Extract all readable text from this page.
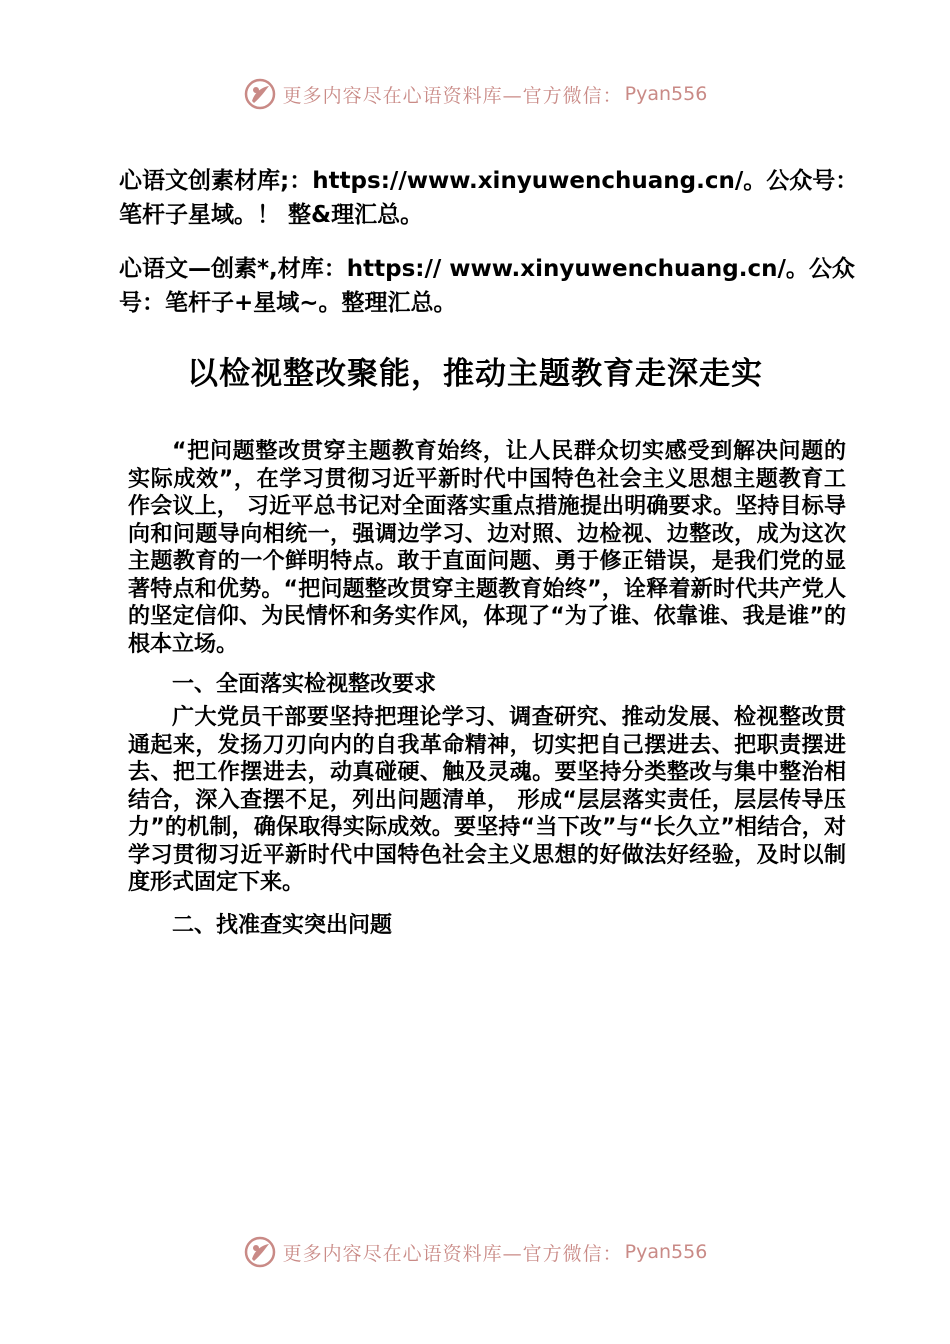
更多内容尽在心语资料库—官方微信： Pyan556
心语文创素材库;：https://www.xinyuwenchuang.cn/。公众号：笔杆子星域。！ 整&理汇总。
心语文—创素*,材库：https:// www.xinyuwenchuang.cn/。公众号：笔杆子+星域~。整理汇总。
以检视整改聚能，推动主题教育走深走实
“把问题整改贯穿主题教育始终，让人民群众切实感受到解决问题的实际成效”，在学习贯彻习近平新时代中国特色社会主义思想主题教育工作会议上， 习近平总书记对全面落实重点措施提出明确要求。坚持目标导向和问题导向相统一，强调边学习、边对照、边检视、边整改，成为这次主题教育的一个鲜明特点。敢于直面问题、勇于修正错误，是我们党的显著特点和优势。“把问题整改贯穿主题教育始终”，诠释着新时代共产党人的坚定信仰、为民情怀和务实作风，体现了“为了谁、依靠谁、我是谁”的根本立场。
一、全面落实检视整改要求
广大党员干部要坚持把理论学习、调查研究、推动发展、检视整改贯通起来，发扬刀刃向内的自我革命精神，切实把自己摆进去、把职责摆进去、把工作摆进去，动真碰硬、触及灵魂。要坚持分类整改与集中整治相结合，深入查摆不足，列出问题清单， 形成“层层落实责任，层层传导压力”的机制，确保取得实际成效。要坚持“当下改”与“长久立”相结合，对学习贯彻习近平新时代中国特色社会主义思想的好做法好经验，及时以制度形式固定下来。
二、找准查实突出问题
更多内容尽在心语资料库—官方微信： Pyan556
